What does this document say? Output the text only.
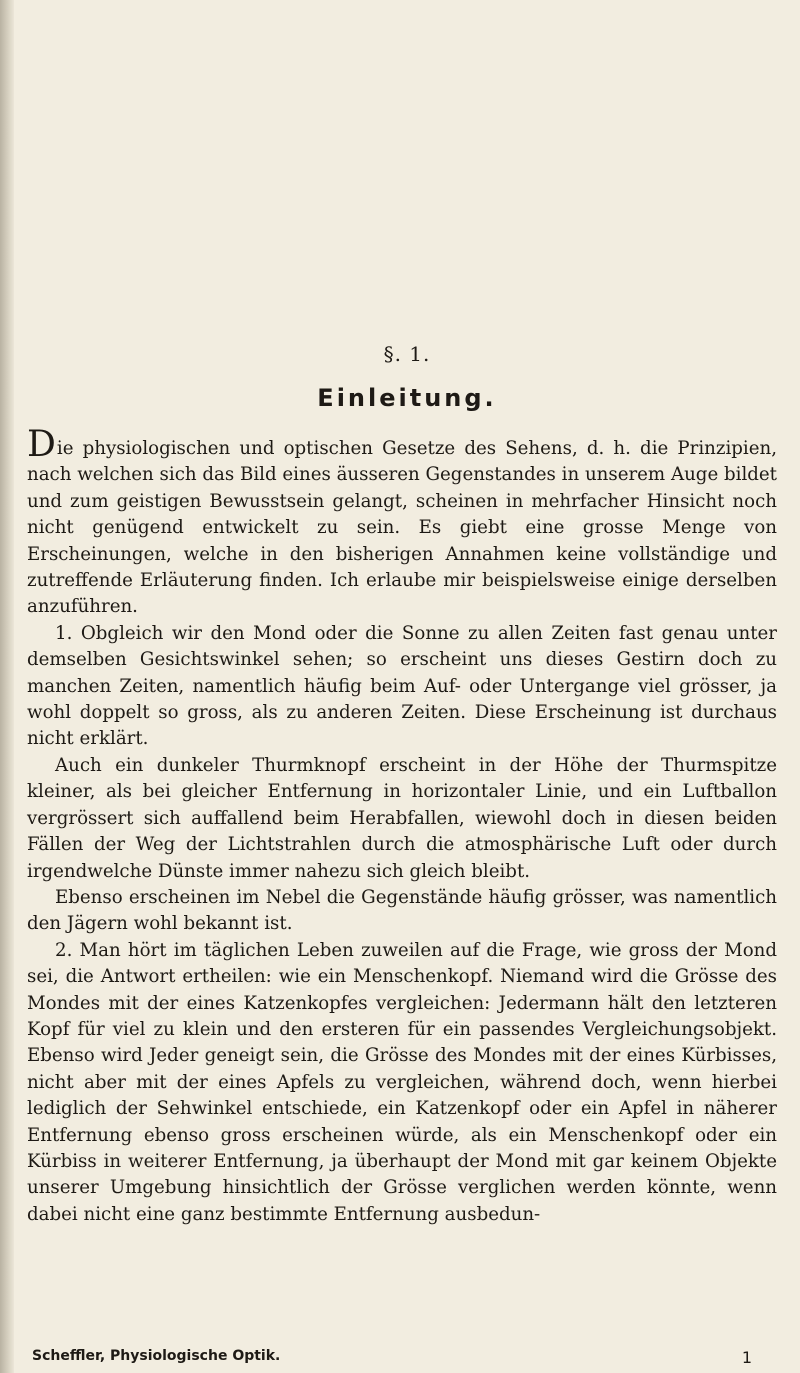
§. 1.
Einleitung.

Die physiologischen und optischen Gesetze des Sehens, d. h. die Prinzipien, nach welchen sich das Bild eines äusseren Gegenstandes in unserem Auge bildet und zum geistigen Bewusstsein gelangt, scheinen in mehrfacher Hinsicht noch nicht genügend entwickelt zu sein. Es giebt eine grosse Menge von Erscheinungen, welche in den bisherigen Annahmen keine vollständige und zutreffende Erläuterung finden. Ich erlaube mir beispielsweise einige derselben anzuführen.

1. Obgleich wir den Mond oder die Sonne zu allen Zeiten fast genau unter demselben Gesichtswinkel sehen; so erscheint uns dieses Gestirn doch zu manchen Zeiten, namentlich häufig beim Auf- oder Untergange viel grösser, ja wohl doppelt so gross, als zu anderen Zeiten. Diese Erscheinung ist durchaus nicht erklärt.

Auch ein dunkeler Thurmknopf erscheint in der Höhe der Thurmspitze kleiner, als bei gleicher Entfernung in horizontaler Linie, und ein Luftballon vergrössert sich auffallend beim Herabfallen, wiewohl doch in diesen beiden Fällen der Weg der Lichtstrahlen durch die atmosphärische Luft oder durch irgendwelche Dünste immer nahezu sich gleich bleibt.

Ebenso erscheinen im Nebel die Gegenstände häufig grösser, was namentlich den Jägern wohl bekannt ist.

2. Man hört im täglichen Leben zuweilen auf die Frage, wie gross der Mond sei, die Antwort ertheilen: wie ein Menschenkopf. Niemand wird die Grösse des Mondes mit der eines Katzenkopfes vergleichen: Jedermann hält den letzteren Kopf für viel zu klein und den ersteren für ein passendes Vergleichungsobjekt. Ebenso wird Jeder geneigt sein, die Grösse des Mondes mit der eines Kürbisses, nicht aber mit der eines Apfels zu vergleichen, während doch, wenn hierbei lediglich der Sehwinkel entschiede, ein Katzenkopf oder ein Apfel in näherer Entfernung ebenso gross erscheinen würde, als ein Menschenkopf oder ein Kürbiss in weiterer Entfernung, ja überhaupt der Mond mit gar keinem Objekte unserer Umgebung hinsichtlich der Grösse verglichen werden könnte, wenn dabei nicht eine ganz bestimmte Entfernung ausbedun-

Scheffler, Physiologische Optik.	1
